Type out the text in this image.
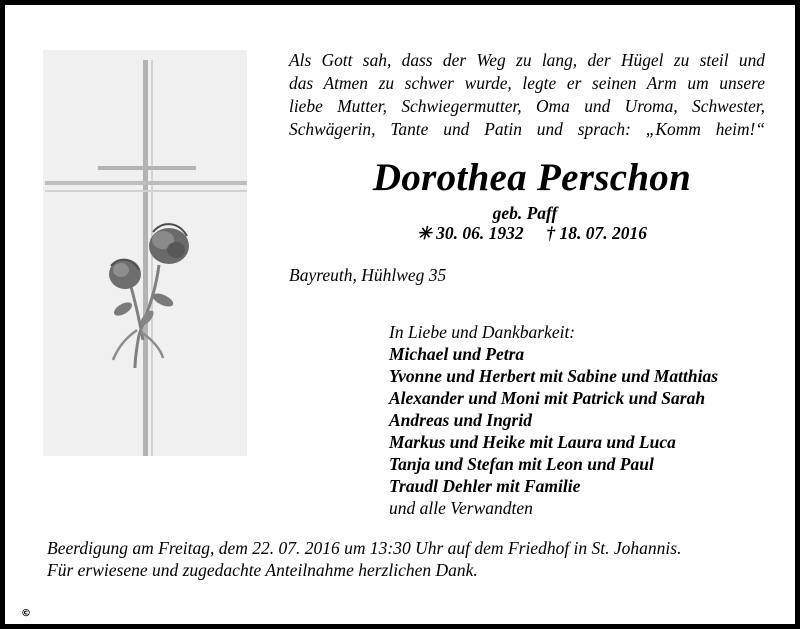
Als Gott sah, dass der Weg zu lang, der Hügel zu steil und
das Atmen zu schwer wurde, legte er seinen Arm um unsere
liebe Mutter, Schwiegermutter, Oma und Uroma, Schwester,
Schwägerin, Tante und Patin und sprach: „Komm heim!“
Dorothea Perschon
geb. Paff
✳ 30. 06. 1932 † 18. 07. 2016
Bayreuth, Hühlweg 35
In Liebe und Dankbarkeit:
Michael und Petra
Yvonne und Herbert mit Sabine und Matthias
Alexander und Moni mit Patrick und Sarah
Andreas und Ingrid
Markus und Heike mit Laura und Luca
Tanja und Stefan mit Leon und Paul
Traudl Dehler mit Familie
und alle Verwandten
Beerdigung am Freitag, dem 22. 07. 2016 um 13:30 Uhr auf dem Friedhof in St. Johannis.
Für erwiesene und zugedachte Anteilnahme herzlichen Dank.
©
